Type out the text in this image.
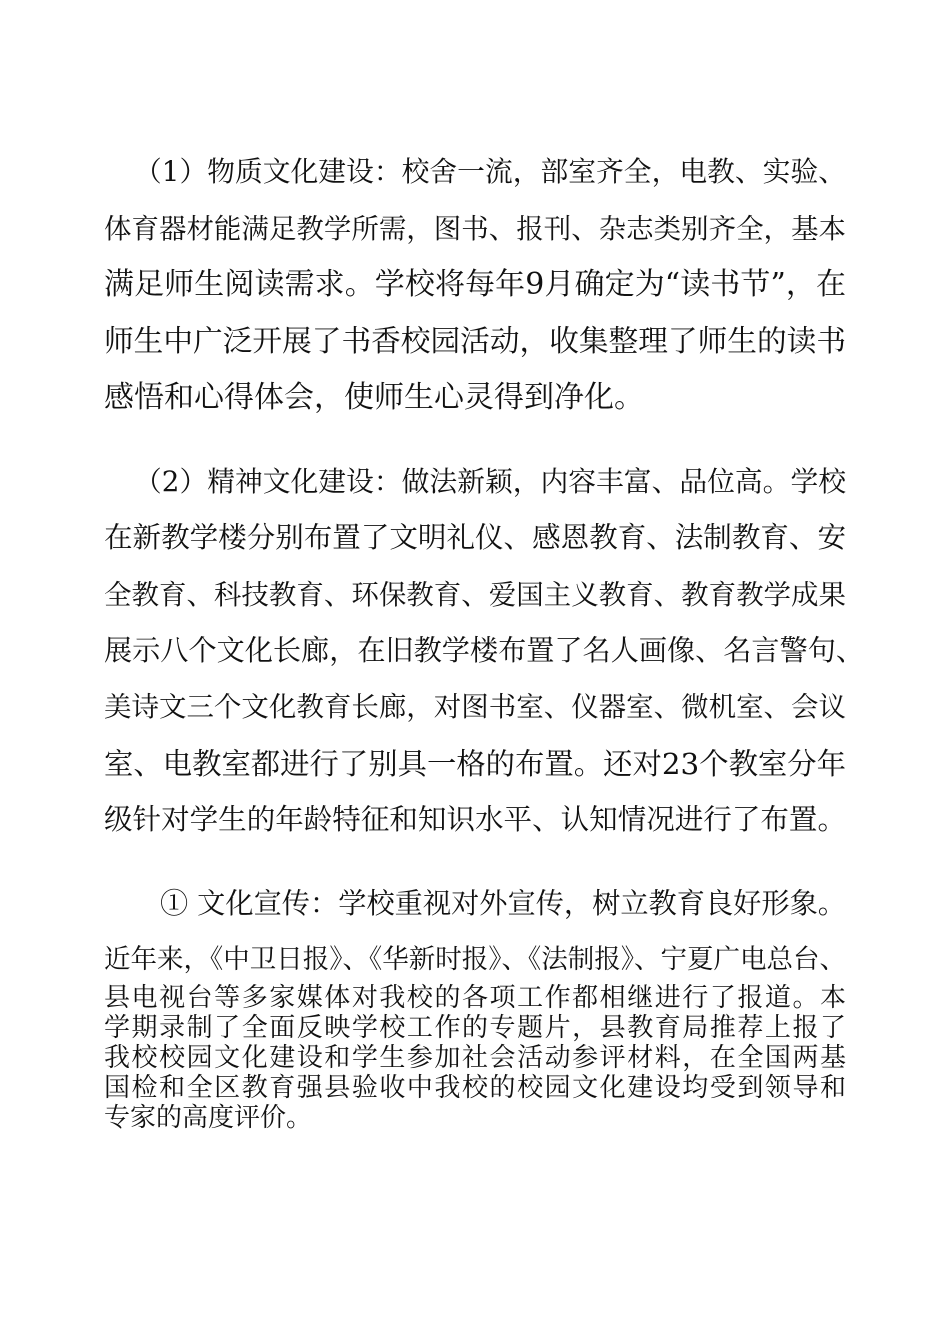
（1）物质文化建设：校舍一流，部室齐全，电教、实验、

体育器材能满足教学所需，图书、报刊、杂志类别齐全，基本

满足师生阅读需求。学校将每年9月确定为“读书节”，在

师生中广泛开展了书香校园活动，收集整理了师生的读书

感悟和心得体会，使师生心灵得到净化。

（2）精神文化建设：做法新颖，内容丰富、品位高。学校

在新教学楼分别布置了文明礼仪、感恩教育、法制教育、安

全教育、科技教育、环保教育、爱国主义教育、教育教学成果

展示八个文化长廊，在旧教学楼布置了名人画像、名言警句、

美诗文三个文化教育长廊，对图书室、仪器室、微机室、会议

室、电教室都进行了别具一格的布置。还对23个教室分年

级针对学生的年龄特征和知识水平、认知情况进行了布置。

① 文化宣传：学校重视对外宣传，树立教育良好形象。

近年来，《中卫日报》、《华新时报》、《法制报》、宁夏广电总台、

县电视台等多家媒体对我校的各项工作都相继进行了报道。本

学期录制了全面反映学校工作的专题片，县教育局推荐上报了

我校校园文化建设和学生参加社会活动参评材料，在全国两基

国检和全区教育强县验收中我校的校园文化建设均受到领导和

专家的高度评价。
